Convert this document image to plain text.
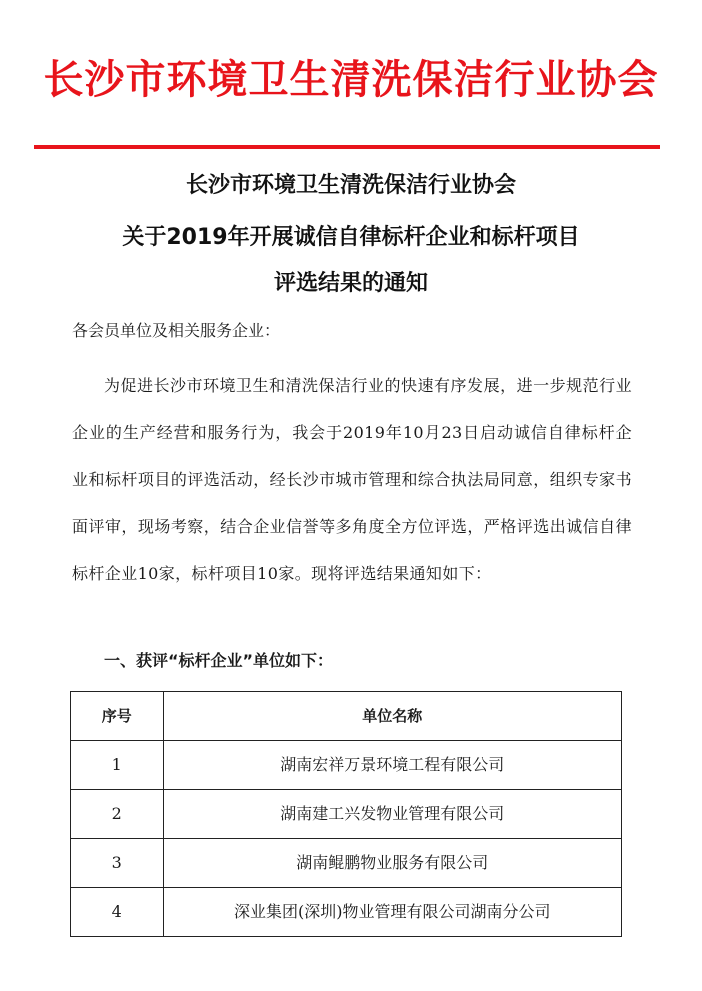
长沙市环境卫生清洗保洁行业协会
长沙市环境卫生清洗保洁行业协会
关于2019年开展诚信自律标杆企业和标杆项目
评选结果的通知
各会员单位及相关服务企业：
为促进长沙市环境卫生和清洗保洁行业的快速有序发展，进一步规范行业企业的生产经营和服务行为，我会于2019年10月23日启动诚信自律标杆企业和标杆项目的评选活动，经长沙市城市管理和综合执法局同意，组织专家书面评审，现场考察，结合企业信誉等多角度全方位评选，严格评选出诚信自律标杆企业10家，标杆项目10家。现将评选结果通知如下：
一、获评“标杆企业”单位如下：
序号	单位名称
1	湖南宏祥万景环境工程有限公司
2	湖南建工兴发物业管理有限公司
3	湖南鲲鹏物业服务有限公司
4	深业集团(深圳)物业管理有限公司湖南分公司
